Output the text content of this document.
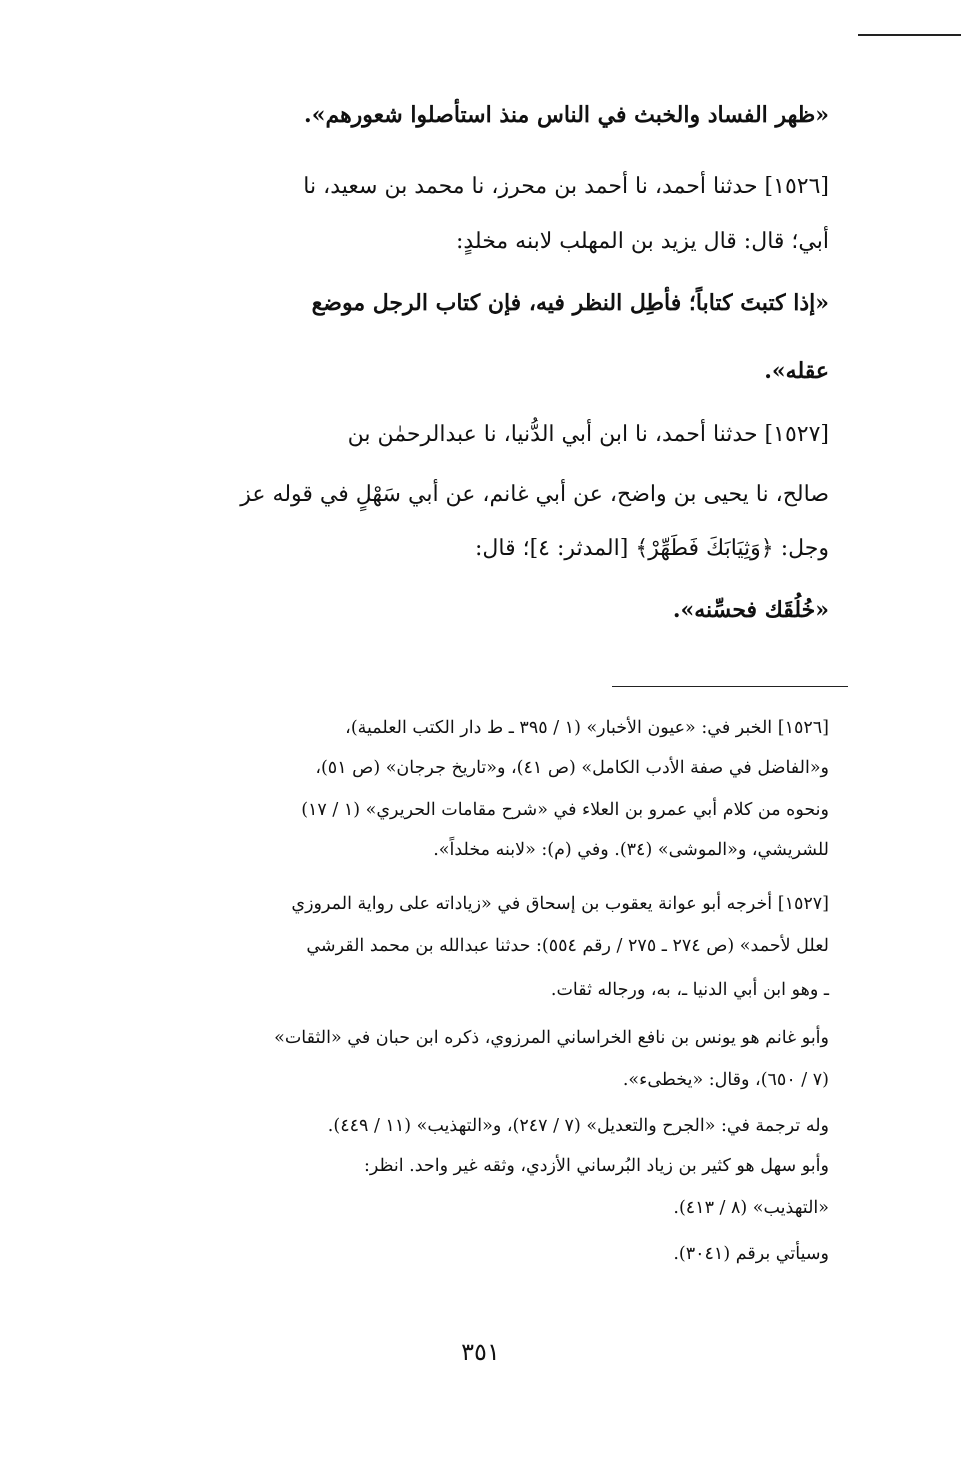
«ظهر الفساد والخبث في الناس منذ استأصلوا شعورهم».
[١٥٢٦] حدثنا أحمد، نا أحمد بن محرز، نا محمد بن سعيد، نا
أبي؛ قال: قال يزيد بن المهلب لابنه مخلدٍ:
«إذا كتبتَ كتاباً؛ فأطِل النظر فيه، فإن كتاب الرجل موضع
عقله».
[١٥٢٧] حدثنا أحمد، نا ابن أبي الدُّنيا، نا عبدالرحمٰن بن
صالح، نا يحيى بن واضح، عن أبي غانم، عن أبي سَهْلٍ في قوله عز
وجل: ﴿وَثِيَابَكَ فَطَهِّرْ﴾ [المدثر: ٤]؛ قال:
«خُلُقَك فحسِّنه».
[١٥٢٦] الخبر في: «عيون الأخبار» (١ / ٣٩٥ ـ ط دار الكتب العلمية)،
و«الفاضل في صفة الأدب الكامل» (ص ٤١)، و«تاريخ جرجان» (ص ٥١)،
ونحوه من كلام أبي عمرو بن العلاء في «شرح مقامات الحريري» (١ / ١٧)
للشريشي، و«الموشى» (٣٤). وفي (م): «لابنه مخلداً».
[١٥٢٧] أخرجه أبو عوانة يعقوب بن إسحاق في «زياداته على رواية المروزي
لعلل لأحمد» (ص ٢٧٤ ـ ٢٧٥ / رقم ٥٥٤): حدثنا عبدالله بن محمد القرشي
ـ وهو ابن أبي الدنيا ـ، به، ورجاله ثقات.
وأبو غانم هو يونس بن نافع الخراساني المرزوي، ذكره ابن حبان في «الثقات»
(٧ / ٦٥٠)، وقال: «يخطىء».
وله ترجمة في: «الجرح والتعديل» (٧ / ٢٤٧)، و«التهذيب» (١١ / ٤٤٩).
وأبو سهل هو كثير بن زياد البُرساني الأزدي، وثقه غير واحد. انظر:
«التهذيب» (٨ / ٤١٣).
وسيأتي برقم (٣٠٤١).
٣٥١
